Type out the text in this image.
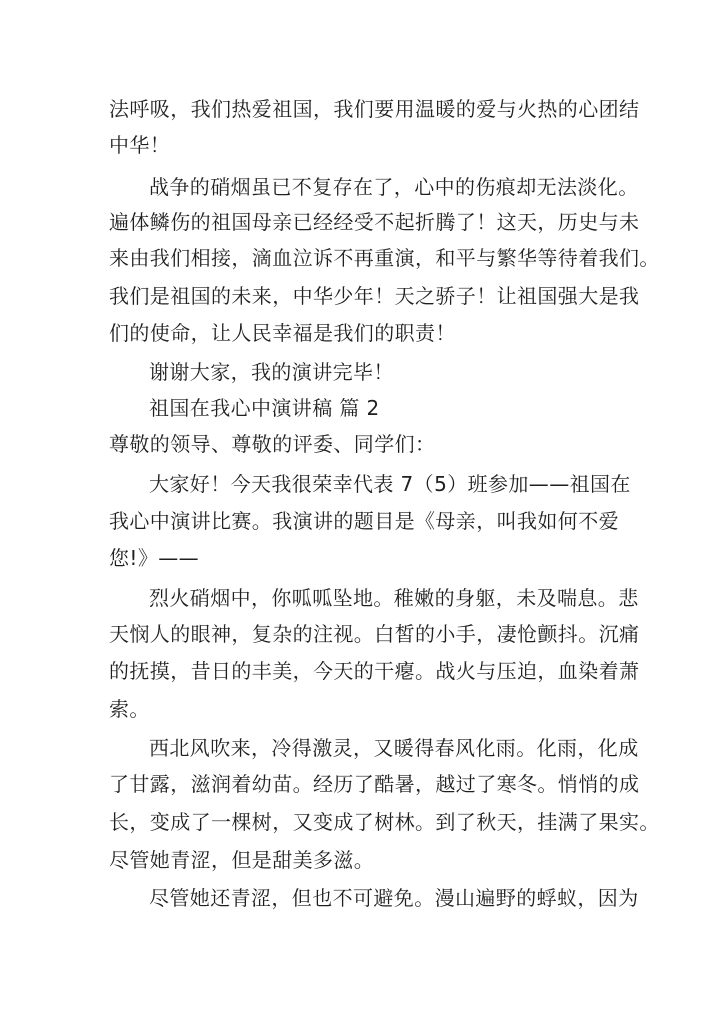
法呼吸，我们热爱祖国，我们要用温暖的爱与火热的心团结
中华！
战争的硝烟虽已不复存在了，心中的伤痕却无法淡化。
遍体鳞伤的祖国母亲已经经受不起折腾了！这天，历史与未
来由我们相接，滴血泣诉不再重演，和平与繁华等待着我们。
我们是祖国的未来，中华少年！天之骄子！让祖国强大是我
们的使命，让人民幸福是我们的职责！
谢谢大家，我的演讲完毕！
祖国在我心中演讲稿 篇 2
尊敬的领导、尊敬的评委、同学们：
大家好！今天我很荣幸代表 7（5）班参加——祖国在
我心中演讲比赛。我演讲的题目是《母亲，叫我如何不爱
您!》——
烈火硝烟中，你呱呱坠地。稚嫩的身躯，未及喘息。悲
天悯人的眼神，复杂的注视。白皙的小手，凄怆颤抖。沉痛
的抚摸，昔日的丰美，今天的干瘪。战火与压迫，血染着萧
索。
西北风吹来，冷得激灵，又暖得春风化雨。化雨，化成
了甘露，滋润着幼苗。经历了酷暑，越过了寒冬。悄悄的成
长，变成了一棵树，又变成了树林。到了秋天，挂满了果实。
尽管她青涩，但是甜美多滋。
尽管她还青涩，但也不可避免。漫山遍野的蜉蚁，因为
